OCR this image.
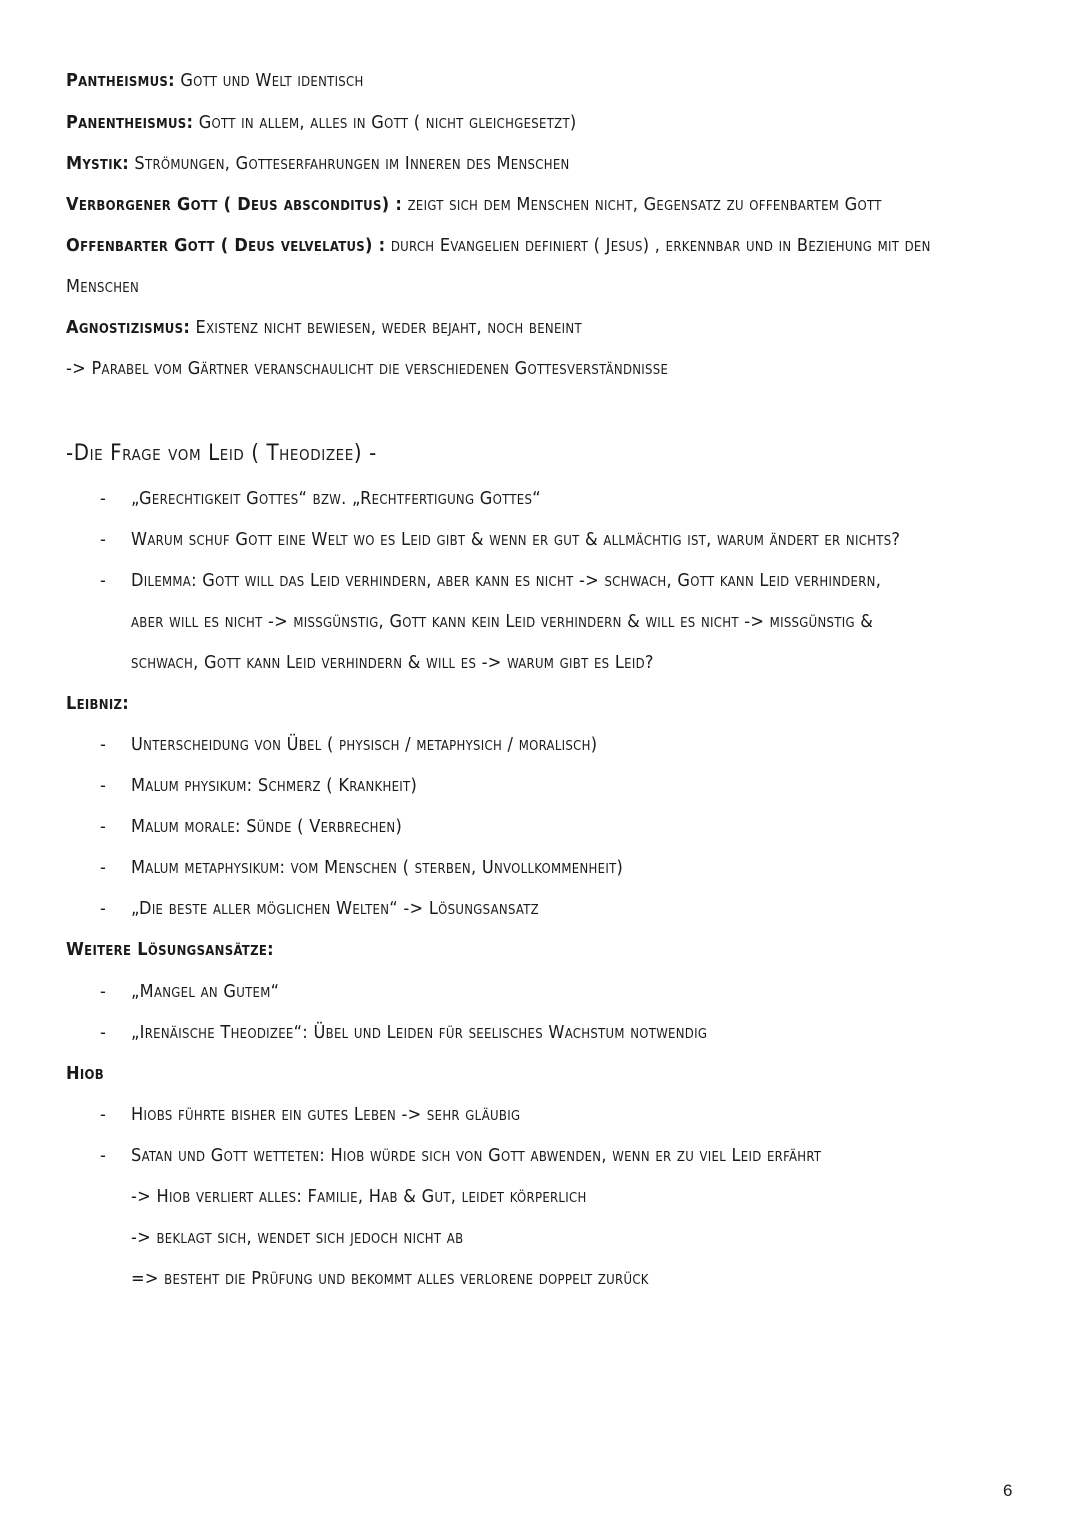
Pantheismus: Gott und Welt identisch
Panentheismus: Gott in allem, alles in Gott ( nicht gleichgesetzt)
Mystik: Strömungen, Gotteserfahrungen im Inneren des Menschen
Verborgener Gott ( Deus absconditus) : zeigt sich dem Menschen nicht, Gegensatz zu offenbartem Gott
Offenbarter Gott ( Deus velvelatus) : durch Evangelien definiert ( Jesus) , erkennbar und in Beziehung mit den
Menschen
Agnostizismus: Existenz nicht bewiesen, weder bejaht, noch beneint
-> Parabel vom Gärtner veranschaulicht die verschiedenen Gottesverständnisse
-Die Frage vom Leid ( Theodizee) -
- „Gerechtigkeit Gottes“ bzw. „Rechtfertigung Gottes“
- Warum schuf Gott eine Welt wo es Leid gibt & wenn er gut & allmächtig ist, warum ändert er nichts?
- Dilemma: Gott will das Leid verhindern, aber kann es nicht -> schwach, Gott kann Leid verhindern,
aber will es nicht -> missgünstig, Gott kann kein Leid verhindern & will es nicht -> missgünstig &
schwach, Gott kann Leid verhindern & will es -> warum gibt es Leid?
Leibniz:
- Unterscheidung von Übel ( physisch / metaphysich / moralisch)
- Malum physikum: Schmerz ( Krankheit)
- Malum morale: Sünde ( Verbrechen)
- Malum metaphysikum: vom Menschen ( sterben, Unvollkommenheit)
- „Die beste aller möglichen Welten“ -> Lösungsansatz
Weitere Lösungsansätze:
- „Mangel an Gutem“
- „Irenäische Theodizee“: Übel und Leiden für seelisches Wachstum notwendig
Hiob
- Hiobs führte bisher ein gutes Leben -> sehr gläubig
- Satan und Gott wetteten: Hiob würde sich von Gott abwenden, wenn er zu viel Leid erfährt
-> Hiob verliert alles: Familie, Hab & Gut, leidet körperlich
-> beklagt sich, wendet sich jedoch nicht ab
=> besteht die Prüfung und bekommt alles verlorene doppelt zurück
6
